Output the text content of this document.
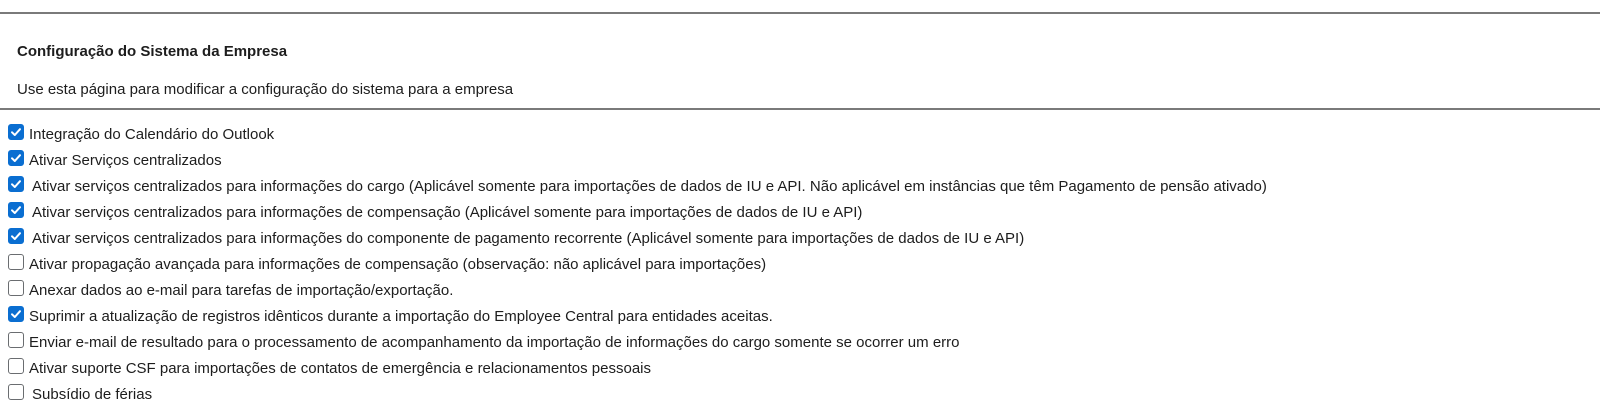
Configuração do Sistema da Empresa
Use esta página para modificar a configuração do sistema para a empresa
Integração do Calendário do Outlook
Ativar Serviços centralizados
Ativar serviços centralizados para informações do cargo (Aplicável somente para importações de dados de IU e API. Não aplicável em instâncias que têm Pagamento de pensão ativado)
Ativar serviços centralizados para informações de compensação (Aplicável somente para importações de dados de IU e API)
Ativar serviços centralizados para informações do componente de pagamento recorrente (Aplicável somente para importações de dados de IU e API)
Ativar propagação avançada para informações de compensação (observação: não aplicável para importações)
Anexar dados ao e-mail para tarefas de importação/exportação.
Suprimir a atualização de registros idênticos durante a importação do Employee Central para entidades aceitas.
Enviar e-mail de resultado para o processamento de acompanhamento da importação de informações do cargo somente se ocorrer um erro
Ativar suporte CSF para importações de contatos de emergência e relacionamentos pessoais
Subsídio de férias
